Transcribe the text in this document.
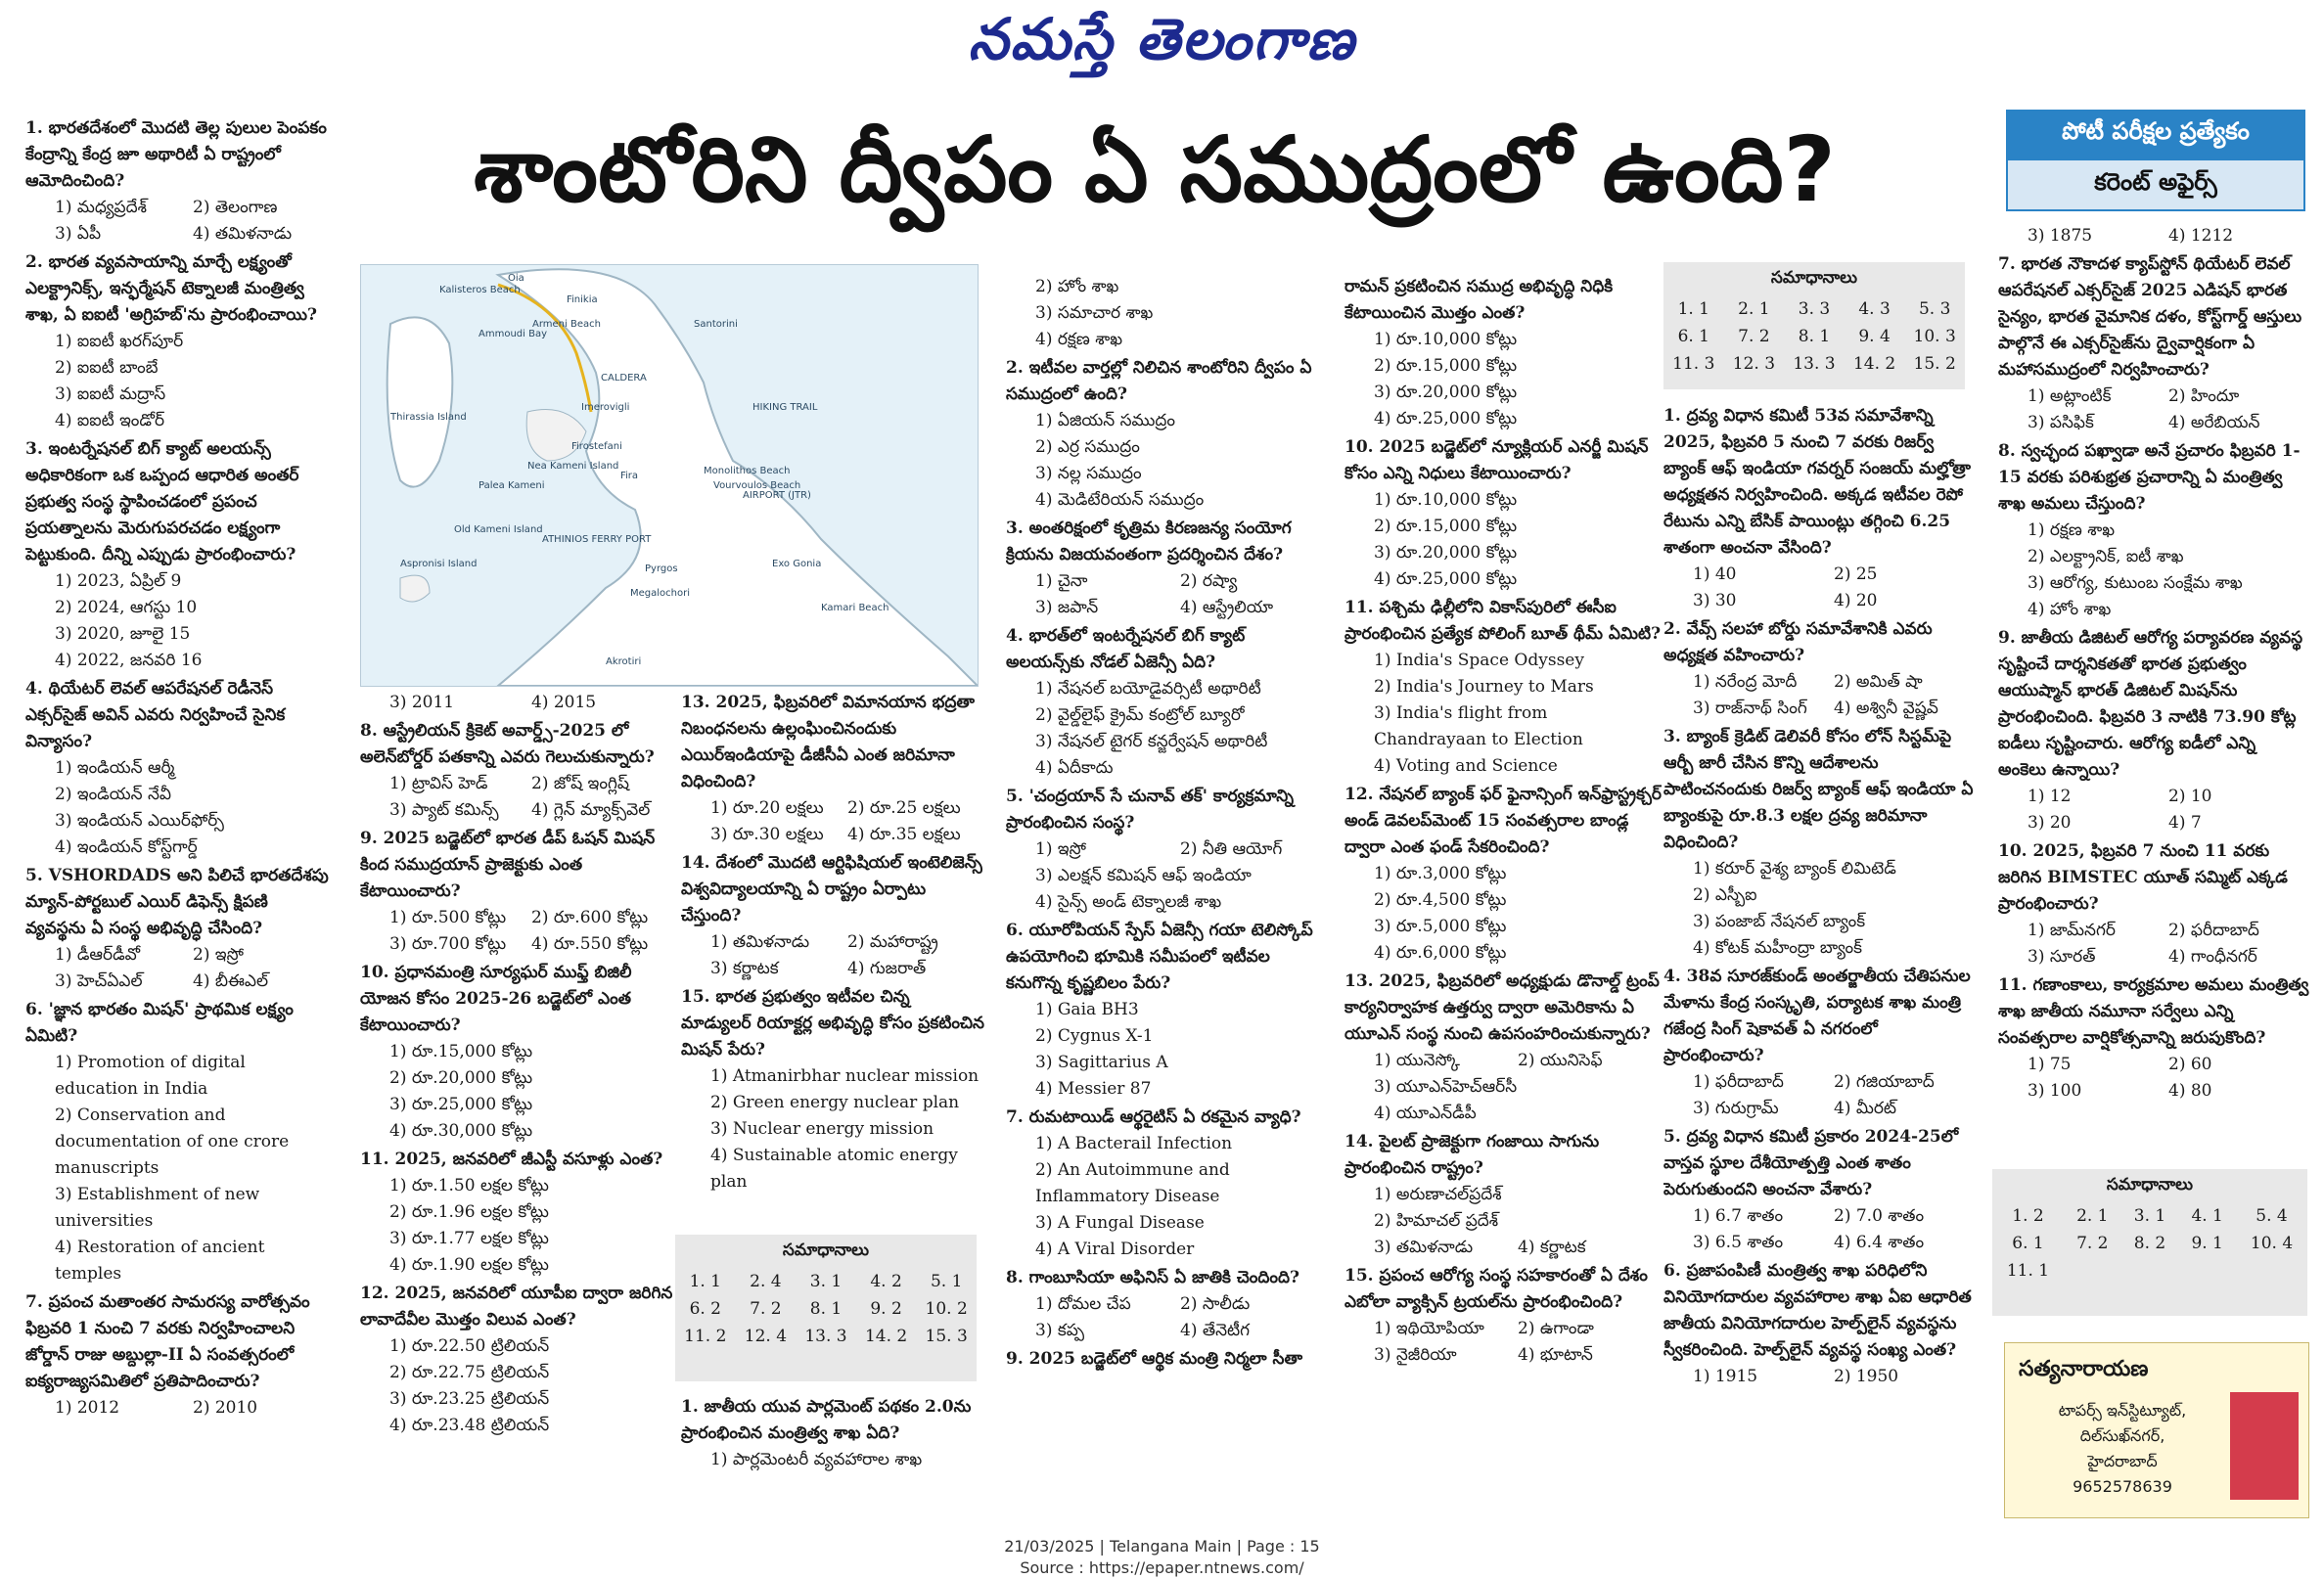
నమస్తే తెలంగాణ
శాంటోరిని ద్వీపం ఏ సముద్రంలో ఉంది?	పోటీ పరీక్షల ప్రత్యేకం
కరెంట్ అఫైర్స్
1. భారతదేశంలో మొదటి తెల్ల పులుల పెంపకం కేంద్రాన్ని కేంద్ర జూ అథారిటీ ఏ రాష్ట్రంలో ఆమోదించింది?
1) మధ్యప్రదేశ్	2) తెలంగాణ
3) ఏపీ	4) తమిళనాడు
2. భారత వ్యవసాయాన్ని మార్చే లక్ష్యంతో ఎలక్ట్రానిక్స్, ఇన్ఫర్మేషన్ టెక్నాలజీ మంత్రిత్వ శాఖ, ఏ ఐఐటీ 'అగ్రిహబ్'ను ప్రారంభించాయి?
1) ఐఐటీ ఖరగ్‌పూర్
2) ఐఐటీ బాంబే
3) ఐఐటీ మద్రాస్
4) ఐఐటీ ఇండోర్
3. ఇంటర్నేషనల్ బిగ్ క్యాట్ అలయన్స్ అధికారికంగా ఒక ఒప్పంద ఆధారిత అంతర్ ప్రభుత్వ సంస్థ స్థాపించడంలో ప్రపంచ ప్రయత్నాలను మెరుగుపరచడం లక్ష్యంగా పెట్టుకుంది. దీన్ని ఎప్పుడు ప్రారంభించారు?
1) 2023, ఏప్రిల్ 9
2) 2024, ఆగస్టు 10
3) 2020, జూలై 15
4) 2022, జనవరి 16
4. థియేటర్ లెవల్ ఆపరేషనల్ రెడీనెస్ ఎక్సర్‌సైజ్ అవిన్ ఎవరు నిర్వహించే సైనిక విన్యాసం?
1) ఇండియన్ ఆర్మీ
2) ఇండియన్ నేవీ
3) ఇండియన్ ఎయిర్‌ఫోర్స్
4) ఇండియన్ కోస్ట్‌గార్డ్
5. VSHORDADS అని పిలిచే భారతదేశపు మ్యాన్-పోర్టబుల్ ఎయిర్ డిఫెన్స్ క్షిపణి వ్యవస్థను ఏ సంస్థ అభివృద్ధి చేసింది?
1) డీఆర్‌డీవో	2) ఇస్రో
3) హెచ్ఏఎల్	4) బీఈఎల్
6. 'జ్ఞాన భారతం మిషన్' ప్రాథమిక లక్ష్యం ఏమిటి?
1) Promotion of digital education in India
2) Conservation and documentation of one crore manuscripts
3) Establishment of new universities
4) Restoration of ancient temples
7. ప్రపంచ మతాంతర సామరస్య వారోత్సవం ఫిబ్రవరి 1 నుంచి 7 వరకు నిర్వహించాలని జోర్డాన్ రాజు అబ్దుల్లా-II ఏ సంవత్సరంలో ఐక్యరాజ్యసమితిలో ప్రతిపాదించారు?
1) 2012	2) 2010
Oia
Kalisteros Beach
Finikia
Armeni Beach
Ammoudi Bay
Santorini
Thirassia Island
CALDERA
Imerovigli	HIKING TRAIL
Firostefani
Fira	Monolithos Beach
Vourvoulos Beach
Nea Kameni Island
Palea Kameni
Old Kameni Island
ATHINIOS FERRY PORT
AIRPORT (JTR)
Exo Gonia
Pyrgos
Aspronisi Island
Megalochori
Kamari Beach
Akrotiri
3) 2011	4) 2015
8. ఆస్ట్రేలియన్ క్రికెట్ అవార్డ్స్-2025 లో అలెన్‌బోర్డర్ పతకాన్ని ఎవరు గెలుచుకున్నారు?
1) ట్రావిస్ హెడ్	2) జోష్ ఇంగ్లిష్
3) ప్యాట్ కమిన్స్	4) గ్లెన్ మ్యాక్స్‌వెల్
9. 2025 బడ్జెట్‌లో భారత డీప్ ఓషన్ మిషన్ కింద సముద్రయాన్ ప్రాజెక్టుకు ఎంత కేటాయించారు?
1) రూ.500 కోట్లు	2) రూ.600 కోట్లు
3) రూ.700 కోట్లు	4) రూ.550 కోట్లు
10. ప్రధానమంత్రి సూర్యఘర్ ముఫ్త్ బిజిలీ యోజన కోసం 2025-26 బడ్జెట్‌లో ఎంత కేటాయించారు?
1) రూ.15,000 కోట్లు
2) రూ.20,000 కోట్లు
3) రూ.25,000 కోట్లు
4) రూ.30,000 కోట్లు
11. 2025, జనవరిలో జీఎస్టీ వసూళ్లు ఎంత?
1) రూ.1.50 లక్షల కోట్లు
2) రూ.1.96 లక్షల కోట్లు
3) రూ.1.77 లక్షల కోట్లు
4) రూ.1.90 లక్షల కోట్లు
12. 2025, జనవరిలో యూపీఐ ద్వారా జరిగిన లావాదేవీల మొత్తం విలువ ఎంత?
1) రూ.22.50 ట్రిలియన్
2) రూ.22.75 ట్రిలియన్
3) రూ.23.25 ట్రిలియన్
4) రూ.23.48 ట్రిలియన్
13. 2025, ఫిబ్రవరిలో విమానయాన భద్రతా నిబంధనలను ఉల్లంఘించినందుకు ఎయిర్‌ఇండియాపై డీజీసీఏ ఎంత జరిమానా విధించింది?
1) రూ.20 లక్షలు	2) రూ.25 లక్షలు
3) రూ.30 లక్షలు	4) రూ.35 లక్షలు
14. దేశంలో మొదటి ఆర్టిఫిషియల్ ఇంటెలిజెన్స్ విశ్వవిద్యాలయాన్ని ఏ రాష్ట్రం ఏర్పాటు చేస్తుంది?
1) తమిళనాడు	2) మహారాష్ట్ర
3) కర్ణాటక	4) గుజరాత్
15. భారత ప్రభుత్వం ఇటీవల చిన్న మాడ్యులర్ రియాక్టర్ల అభివృద్ధి కోసం ప్రకటించిన మిషన్ పేరు?
1) Atmanirbhar nuclear mission
2) Green energy nuclear plan
3) Nuclear energy mission
4) Sustainable atomic energy plan
సమాధానాలు
1. 1	2. 4	3. 1	4. 2	5. 1
6. 2	7. 2	8. 1	9. 2	10. 2
11. 2	12. 4	13. 3	14. 2	15. 3
1. జాతీయ యువ పార్లమెంట్ పథకం 2.0ను ప్రారంభించిన మంత్రిత్వ శాఖ ఏది?
1) పార్లమెంటరీ వ్యవహారాల శాఖ
2) హోం శాఖ
3) సమాచార శాఖ
4) రక్షణ శాఖ
2. ఇటీవల వార్తల్లో నిలిచిన శాంటోరిని ద్వీపం ఏ సముద్రంలో ఉంది?
1) ఏజియన్ సముద్రం
2) ఎర్ర సముద్రం
3) నల్ల సముద్రం
4) మెడిటేరియన్ సముద్రం
3. అంతరిక్షంలో కృత్రిమ కిరణజన్య సంయోగ క్రియను విజయవంతంగా ప్రదర్శించిన దేశం?
1) చైనా	2) రష్యా
3) జపాన్	4) ఆస్ట్రేలియా
4. భారత్‌లో ఇంటర్నేషనల్ బిగ్ క్యాట్ అలయన్స్‌కు నోడల్ ఏజెన్సీ ఏది?
1) నేషనల్ బయోడైవర్సిటీ అథారిటీ
2) వైల్డ్‌లైఫ్ క్రైమ్ కంట్రోల్ బ్యూరో
3) నేషనల్ టైగర్ కన్జర్వేషన్ అథారిటీ
4) ఏదీకాదు
5. 'చంద్రయాన్ సే చునావ్ తక్' కార్యక్రమాన్ని ప్రారంభించిన సంస్థ?
1) ఇస్రో	2) నీతి ఆయోగ్
3) ఎలక్షన్ కమిషన్ ఆఫ్ ఇండియా
4) సైన్స్ అండ్ టెక్నాలజీ శాఖ
6. యూరోపియన్ స్పేస్ ఏజెన్సీ గయా టెలిస్కోప్ ఉపయోగించి భూమికి సమీపంలో ఇటీవల కనుగొన్న కృష్ణబిలం పేరు?
1) Gaia BH3
2) Cygnus X-1
3) Sagittarius A
4) Messier 87
7. రుమటాయిడ్ ఆర్థరైటిస్ ఏ రకమైన వ్యాధి?
1) A Bacterail Infection
2) An Autoimmune and Inflammatory Disease
3) A Fungal Disease
4) A Viral Disorder
8. గాంబూసియా అఫినిస్ ఏ జాతికి చెందింది?
1) దోమల చేప	2) సాలీడు
3) కప్ప	4) తేనెటీగ
9. 2025 బడ్జెట్‌లో ఆర్థిక మంత్రి నిర్మలా సీతా
రామన్ ప్రకటించిన సముద్ర అభివృద్ధి నిధికి కేటాయించిన మొత్తం ఎంత?
1) రూ.10,000 కోట్లు
2) రూ.15,000 కోట్లు
3) రూ.20,000 కోట్లు
4) రూ.25,000 కోట్లు
10. 2025 బడ్జెట్‌లో న్యూక్లియర్ ఎనర్జీ మిషన్ కోసం ఎన్ని నిధులు కేటాయించారు?
1) రూ.10,000 కోట్లు
2) రూ.15,000 కోట్లు
3) రూ.20,000 కోట్లు
4) రూ.25,000 కోట్లు
11. పశ్చిమ ఢిల్లీలోని వికాస్‌పురిలో ఈసీఐ ప్రారంభించిన ప్రత్యేక పోలింగ్ బూత్ థీమ్ ఏమిటి?
1) India's Space Odyssey
2) India's Journey to Mars
3) India's flight from Chandrayaan to Election
4) Voting and Science
12. నేషనల్ బ్యాంక్ ఫర్ ఫైనాన్సింగ్ ఇన్‌ఫ్రాస్ట్రక్చర్ అండ్ డెవలప్‌మెంట్ 15 సంవత్సరాల బాండ్ల ద్వారా ఎంత ఫండ్ సేకరించింది?
1) రూ.3,000 కోట్లు
2) రూ.4,500 కోట్లు
3) రూ.5,000 కోట్లు
4) రూ.6,000 కోట్లు
13. 2025, ఫిబ్రవరిలో అధ్యక్షుడు డొనాల్డ్ ట్రంప్ కార్యనిర్వాహక ఉత్తర్వు ద్వారా అమెరికాను ఏ యూఎన్ సంస్థ నుంచి ఉపసంహరించుకున్నారు?
1) యునెస్కో	2) యునిసెఫ్
3) యూఎన్‌హెచ్‌ఆర్‌సీ
4) యూఎన్‌డీపీ
14. పైలట్ ప్రాజెక్టుగా గంజాయి సాగును ప్రారంభించిన రాష్ట్రం?
1) అరుణాచల్‌ప్రదేశ్
2) హిమాచల్ ప్రదేశ్
3) తమిళనాడు	4) కర్ణాటక
15. ప్రపంచ ఆరోగ్య సంస్థ సహకారంతో ఏ దేశం ఎబోలా వ్యాక్సిన్ ట్రయల్‌ను ప్రారంభించింది?
1) ఇథియోపియా	2) ఉగాండా
3) నైజీరియా	4) భూటాన్
సమాధానాలు
1. 1	2. 1	3. 3	4. 3	5. 3
6. 1	7. 2	8. 1	9. 4	10. 3
11. 3	12. 3	13. 3	14. 2	15. 2
1. ద్రవ్య విధాన కమిటీ 53వ సమావేశాన్ని 2025, ఫిబ్రవరి 5 నుంచి 7 వరకు రిజర్వ్ బ్యాంక్ ఆఫ్ ఇండియా గవర్నర్ సంజయ్ మల్హోత్రా అధ్యక్షతన నిర్వహించింది. అక్కడ ఇటీవల రెపో రేటును ఎన్ని బేసిక్ పాయింట్లు తగ్గించి 6.25 శాతంగా అంచనా వేసింది?
1) 40	2) 25
3) 30	4) 20
2. వేవ్స్ సలహా బోర్డు సమావేశానికి ఎవరు అధ్యక్షత వహించారు?
1) నరేంద్ర మోదీ	2) అమిత్ షా
3) రాజ్‌నాథ్ సింగ్	4) అశ్వినీ వైష్ణవ్
3. బ్యాంక్ క్రెడిట్ డెలివరీ కోసం లోన్ సిస్టమ్‌పై ఆర్బీ జారీ చేసిన కొన్ని ఆదేశాలను పాటించనందుకు రిజర్వ్ బ్యాంక్ ఆఫ్ ఇండియా ఏ బ్యాంకుపై రూ.8.3 లక్షల ద్రవ్య జరిమానా విధించింది?
1) కరూర్ వైశ్య బ్యాంక్ లిమిటెడ్
2) ఎస్బీఐ
3) పంజాబ్ నేషనల్ బ్యాంక్
4) కోటక్ మహీంద్రా బ్యాంక్
4. 38వ సూరజ్‌కుండ్ అంతర్జాతీయ చేతిపనుల మేళాను కేంద్ర సంస్కృతి, పర్యాటక శాఖ మంత్రి గజేంద్ర సింగ్ షెకావత్ ఏ నగరంలో ప్రారంభించారు?
1) ఫరీదాబాద్	2) గజియాబాద్
3) గురుగ్రామ్	4) మీరట్
5. ద్రవ్య విధాన కమిటీ ప్రకారం 2024-25లో వాస్తవ స్థూల దేశీయోత్పత్తి ఎంత శాతం పెరుగుతుందని అంచనా వేశారు?
1) 6.7 శాతం	2) 7.0 శాతం
3) 6.5 శాతం	4) 6.4 శాతం
6. ప్రజాపంపిణీ మంత్రిత్వ శాఖ పరిధిలోని వినియోగదారుల వ్యవహారాల శాఖ ఏఐ ఆధారిత జాతీయ వినియోగదారుల హెల్ప్‌లైన్ వ్యవస్థను స్వీకరించింది. హెల్ప్‌లైన్ వ్యవస్థ సంఖ్య ఎంత?
1) 1915	2) 1950
3) 1875	4) 1212
7. భారత నౌకాదళ క్యాప్‌స్టోన్ థియేటర్ లెవల్ ఆపరేషనల్ ఎక్సర్‌సైజ్ 2025 ఎడిషన్ భారత సైన్యం, భారత వైమానిక దళం, కోస్ట్‌గార్డ్ ఆస్తులు పాల్గొనే ఈ ఎక్సర్‌సైజ్‌ను ద్వైవార్షికంగా ఏ మహాసముద్రంలో నిర్వహించారు?
1) అట్లాంటిక్	2) హిందూ
3) పసిఫిక్	4) అరేబియన్
8. స్వచ్ఛంద పఖ్వాడా అనే ప్రచారం ఫిబ్రవరి 1-15 వరకు పరిశుభ్రత ప్రచారాన్ని ఏ మంత్రిత్వ శాఖ అమలు చేస్తుంది?
1) రక్షణ శాఖ
2) ఎలక్ట్రానిక్, ఐటీ శాఖ
3) ఆరోగ్య, కుటుంబ సంక్షేమ శాఖ
4) హోం శాఖ
9. జాతీయ డిజిటల్ ఆరోగ్య పర్యావరణ వ్యవస్థ సృష్టించే దార్శనికతతో భారత ప్రభుత్వం ఆయుష్మాన్ భారత్ డిజిటల్ మిషన్‌ను ప్రారంభించింది. ఫిబ్రవరి 3 నాటికి 73.90 కోట్ల ఐడీలు సృష్టించారు. ఆరోగ్య ఐడీలో ఎన్ని అంకెలు ఉన్నాయి?
1) 12	2) 10
3) 20	4) 7
10. 2025, ఫిబ్రవరి 7 నుంచి 11 వరకు జరిగిన BIMSTEC యూత్ సమ్మిట్ ఎక్కడ ప్రారంభించారు?
1) జామ్‌నగర్	2) ఫరీదాబాద్
3) సూరత్	4) గాంధీనగర్
11. గణాంకాలు, కార్యక్రమాల అమలు మంత్రిత్వ శాఖ జాతీయ నమూనా సర్వేలు ఎన్ని సంవత్సరాల వార్షికోత్సవాన్ని జరుపుకొంది?
1) 75	2) 60
3) 100	4) 80
సమాధానాలు
1. 2	2. 1	3. 1	4. 1	5. 4
6. 1	7. 2	8. 2	9. 1	10. 4
11. 1				
సత్యనారాయణ
టాపర్స్ ఇన్‌స్టిట్యూట్,
దిల్‌సుఖ్‌నగర్,
హైదరాబాద్
9652578639
21/03/2025 | Telangana Main | Page : 15
Source : https://epaper.ntnews.com/
